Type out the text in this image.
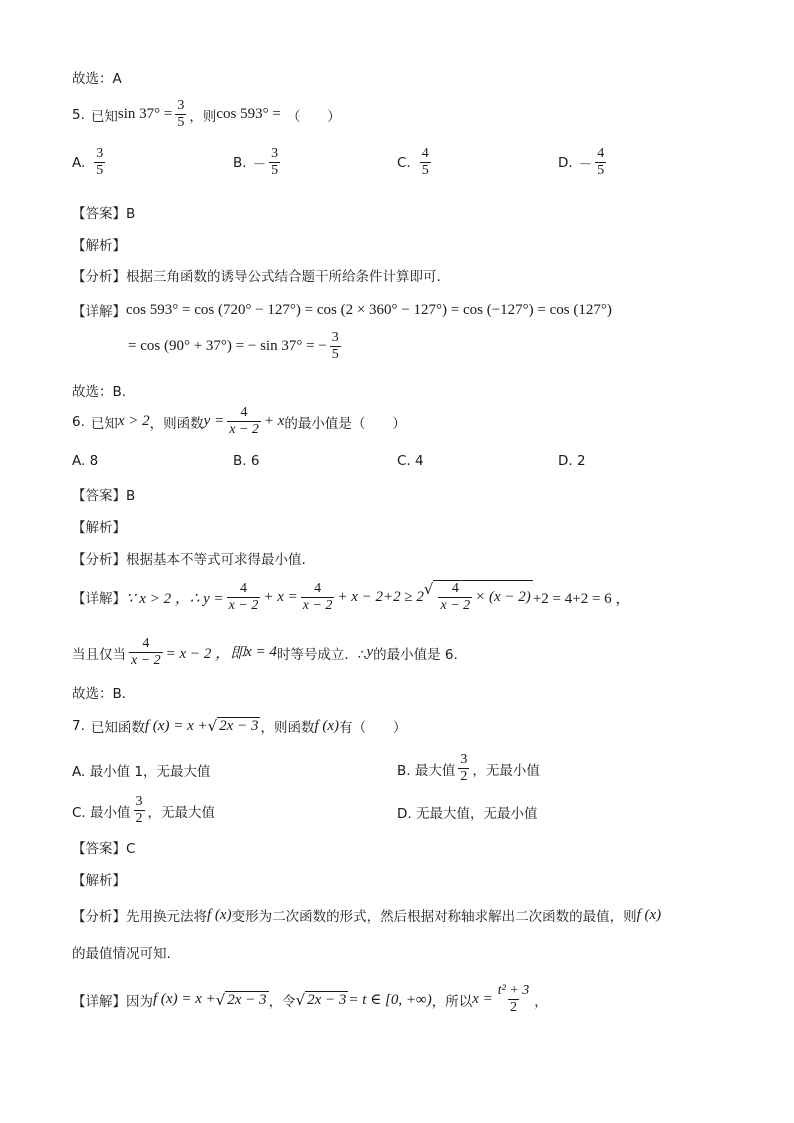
故选：A
5. 已知 $\sin 37^\circ = \frac{3}{5}$ ，则 cos 593° = （　　）
A. $\frac{3}{5}$	B. － $\frac{3}{5}$	C. $\frac{4}{5}$	D. － $\frac{4}{5}$
【答案】B
【解析】
【分析】 根据三角函数的诱导公式结合题干所给条件计算即可.
【详解】 cos 593° = cos (720° − 127°) = cos (2 × 360° − 127°) = cos (−127°) = cos (127°)
= cos (90° + 37°) = − sin 37° = − $\frac{3}{5}$
故选：B.
6. 已知 x > 2 ，则函数 $y = \frac{4}{x - 2} + x$ 的最小值是（　　）
A. 8	B. 6	C. 4	D. 2
【答案】B
【解析】
【分析】 根据基本不等式可求得最小值.
【详解】 ∵ x > 2 ，∴ $y = \frac{4}{x - 2} + x = \frac{4}{x - 2} + x - 2+2 \ge 2$ √ $\frac{4}{x - 2} \times (x - 2) +2 = 4+2 = 6$ ，
当且仅当 $\frac{4}{x - 2} = x - 2$ ，即 x = 4 时等号成立．∴ y 的最小值是 6.
故选：B．
7. 已知函数 f (x) = x + √ 2x − 3 ，则函数 f (x) 有（　　）
A. 最小值 1，无最大值	B. 最大值 $\frac{3}{2}$ ，无最小值
C. 最小值 $\frac{3}{2}$ ，无最大值	D. 无最大值，无最小值
【答案】C
【解析】
【分析】 先用换元法将 f (x) 变形为二次函数的形式，然后根据对称轴求解出二次函数的最值，则 f (x)
的最值情况可知.
【详解】 因为 f (x) = x + √ 2x − 3 ，令 √ 2x − 3 = t ∈ [0, +∞) ，所以 $x = \frac{\text{t² + 3}}{2}$ ，
